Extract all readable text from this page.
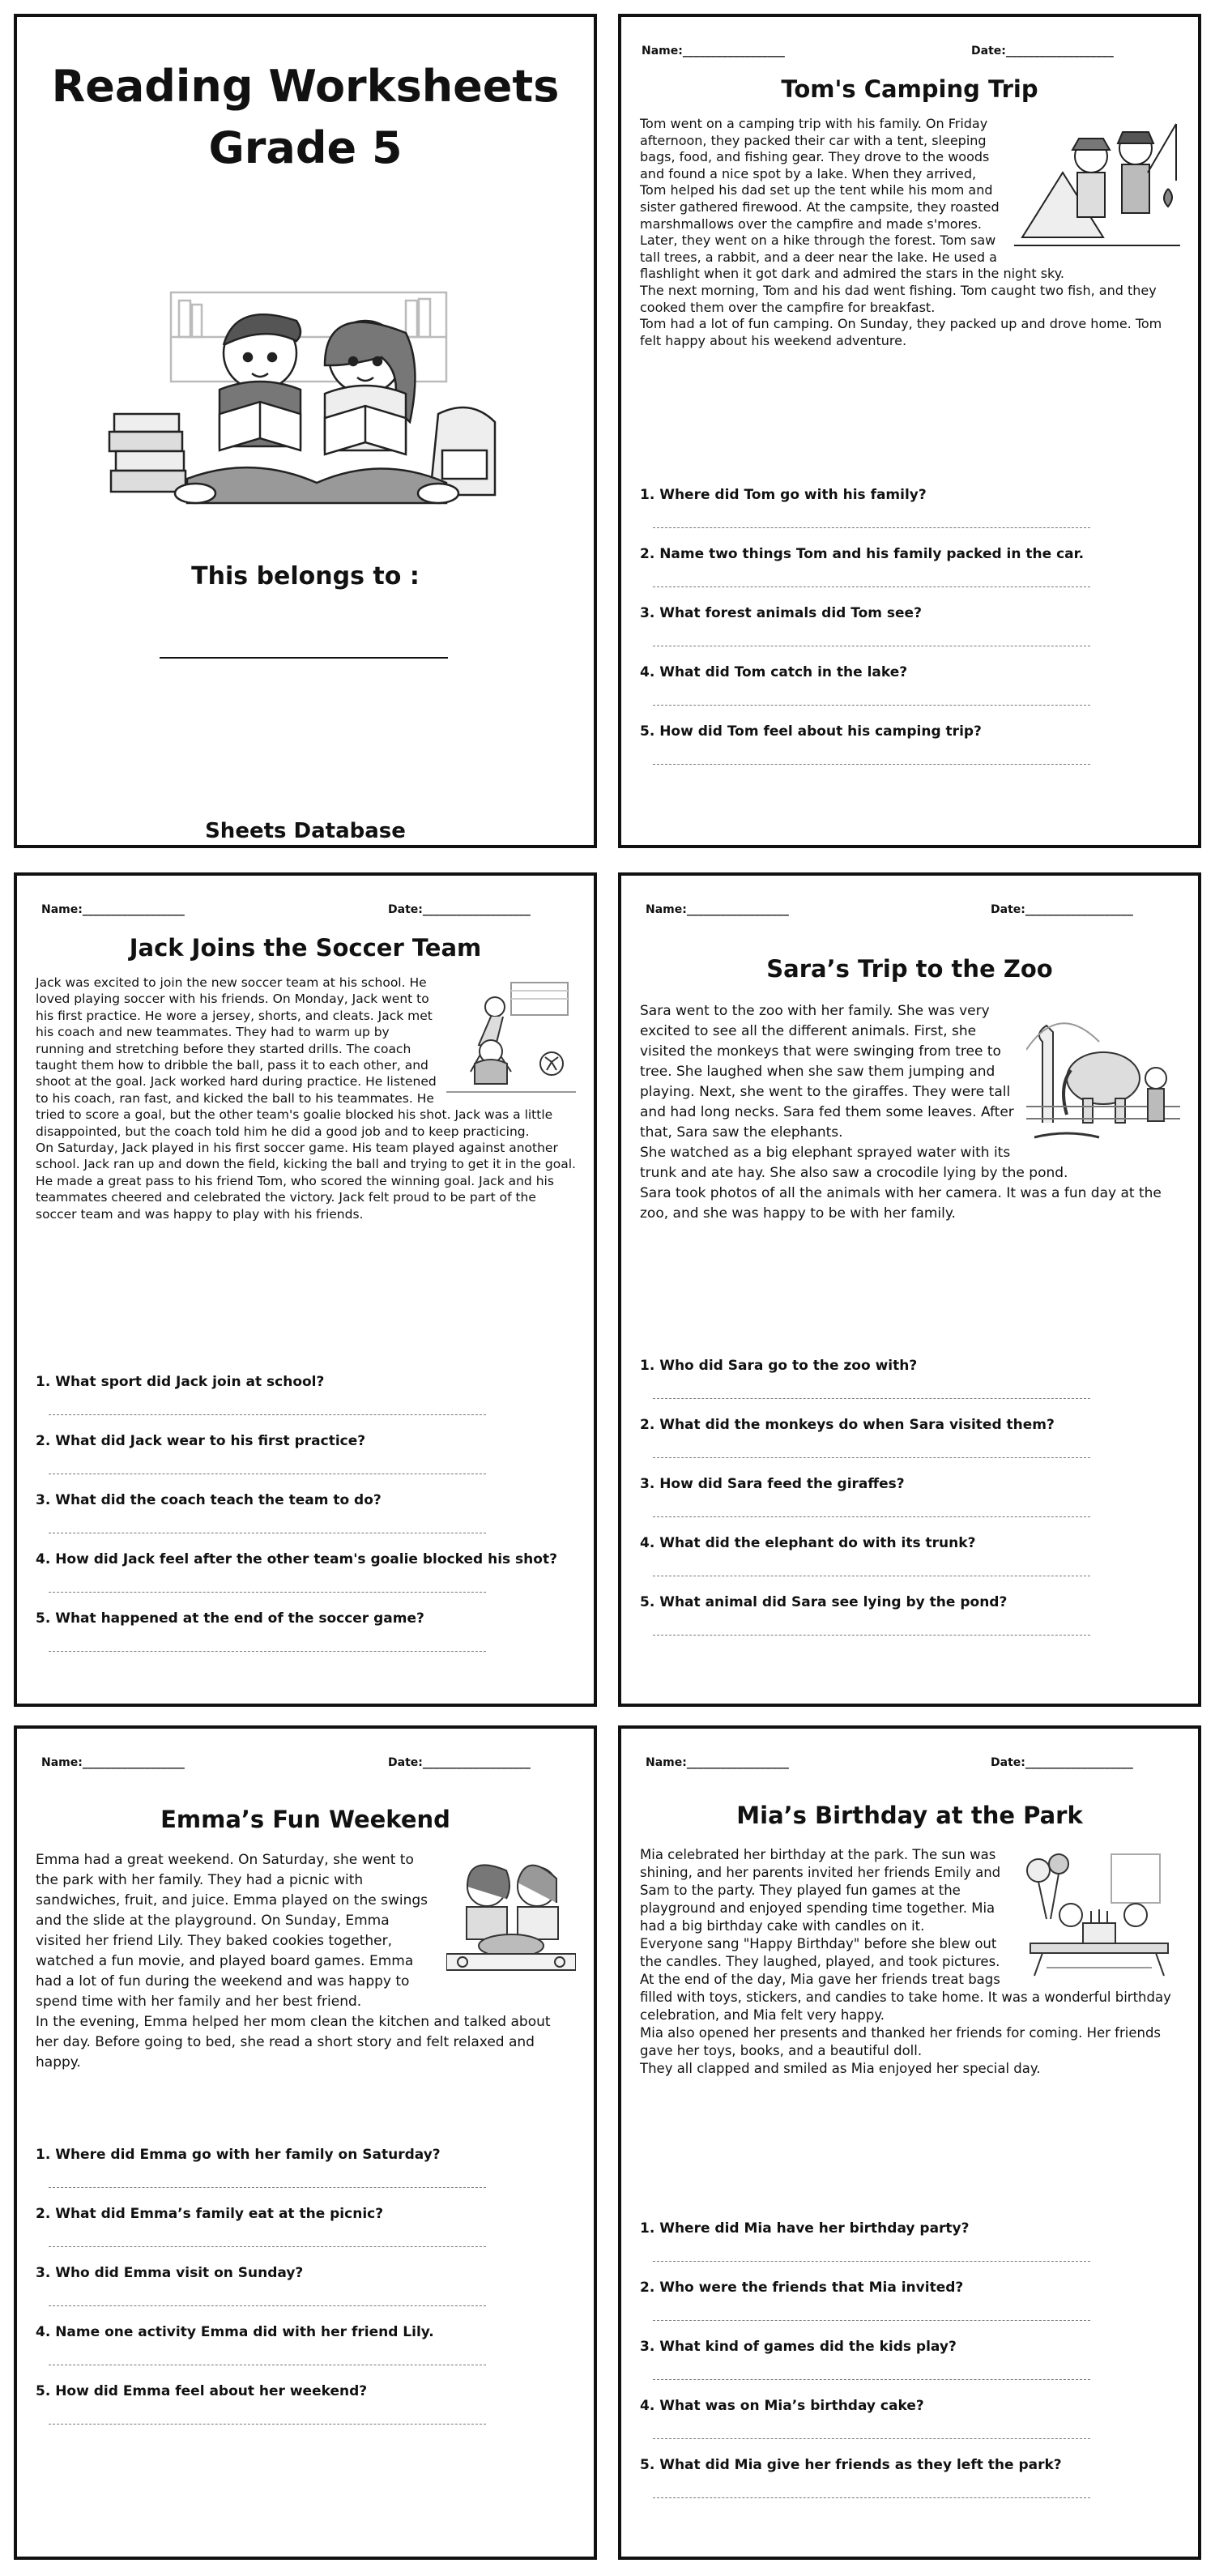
Reading Worksheets
Grade 5
This belongs to :
Sheets Database
Name:__________________	Date:___________________
Tom's Camping Trip

Tom went on a camping trip with his family. On Friday afternoon, they packed their car with a tent, sleeping bags, food, and fishing gear. They drove to the woods and found a nice spot by a lake. When they arrived, Tom helped his dad set up the tent while his mom and sister gathered firewood. At the campsite, they roasted marshmallows over the campfire and made s'mores.

Later, they went on a hike through the forest. Tom saw tall trees, a rabbit, and a deer near the lake. He used a flashlight when it got dark and admired the stars in the night sky.

The next morning, Tom and his dad went fishing. Tom caught two fish, and they cooked them over the campfire for breakfast.

Tom had a lot of fun camping. On Sunday, they packed up and drove home. Tom felt happy about his weekend adventure.

1. Where did Tom go with his family?
2. Name two things Tom and his family packed in the car.
3. What forest animals did Tom see?
4. What did Tom catch in the lake?
5. How did Tom feel about his camping trip?
Name:__________________	Date:___________________
Jack Joins the Soccer Team

Jack was excited to join the new soccer team at his school. He loved playing soccer with his friends. On Monday, Jack went to his first practice. He wore a jersey, shorts, and cleats. Jack met his coach and new teammates. They had to warm up by running and stretching before they started drills. The coach taught them how to dribble the ball, pass it to each other, and shoot at the goal. Jack worked hard during practice. He listened to his coach, ran fast, and kicked the ball to his teammates. He tried to score a goal, but the other team's goalie blocked his shot. Jack was a little disappointed, but the coach told him he did a good job and to keep practicing.

On Saturday, Jack played in his first soccer game. His team played against another school. Jack ran up and down the field, kicking the ball and trying to get it in the goal. He made a great pass to his friend Tom, who scored the winning goal. Jack and his teammates cheered and celebrated the victory. Jack felt proud to be part of the soccer team and was happy to play with his friends.

1. What sport did Jack join at school?
2. What did Jack wear to his first practice?
3. What did the coach teach the team to do?
4. How did Jack feel after the other team's goalie blocked his shot?
5. What happened at the end of the soccer game?
Name:__________________	Date:___________________
Sara’s Trip to the Zoo

Sara went to the zoo with her family. She was very excited to see all the different animals. First, she visited the monkeys that were swinging from tree to tree. She laughed when she saw them jumping and playing. Next, she went to the giraffes. They were tall and had long necks. Sara fed them some leaves. After that, Sara saw the elephants.

She watched as a big elephant sprayed water with its trunk and ate hay. She also saw a crocodile lying by the pond.

Sara took photos of all the animals with her camera. It was a fun day at the zoo, and she was happy to be with her family.

1. Who did Sara go to the zoo with?
2. What did the monkeys do when Sara visited them?
3. How did Sara feed the giraffes?
4. What did the elephant do with its trunk?
5. What animal did Sara see lying by the pond?
Name:__________________	Date:___________________
Emma’s Fun Weekend

Emma had a great weekend. On Saturday, she went to the park with her family. They had a picnic with sandwiches, fruit, and juice. Emma played on the swings and the slide at the playground. On Sunday, Emma visited her friend Lily. They baked cookies together, watched a fun movie, and played board games. Emma had a lot of fun during the weekend and was happy to spend time with her family and her best friend.

In the evening, Emma helped her mom clean the kitchen and talked about her day. Before going to bed, she read a short story and felt relaxed and happy.

1. Where did Emma go with her family on Saturday?
2. What did Emma’s family eat at the picnic?
3. Who did Emma visit on Sunday?
4. Name one activity Emma did with her friend Lily.
5. How did Emma feel about her weekend?
Name:__________________	Date:___________________
Mia’s Birthday at the Park

Mia celebrated her birthday at the park. The sun was shining, and her parents invited her friends Emily and Sam to the party. They played fun games at the playground and enjoyed spending time together. Mia had a big birthday cake with candles on it.

Everyone sang "Happy Birthday" before she blew out the candles. They laughed, played, and took pictures. At the end of the day, Mia gave her friends treat bags filled with toys, stickers, and candies to take home. It was a wonderful birthday celebration, and Mia felt very happy.

Mia also opened her presents and thanked her friends for coming. Her friends gave her toys, books, and a beautiful doll.

They all clapped and smiled as Mia enjoyed her special day.

1. Where did Mia have her birthday party?
2. Who were the friends that Mia invited?
3. What kind of games did the kids play?
4. What was on Mia’s birthday cake?
5. What did Mia give her friends as they left the park?
